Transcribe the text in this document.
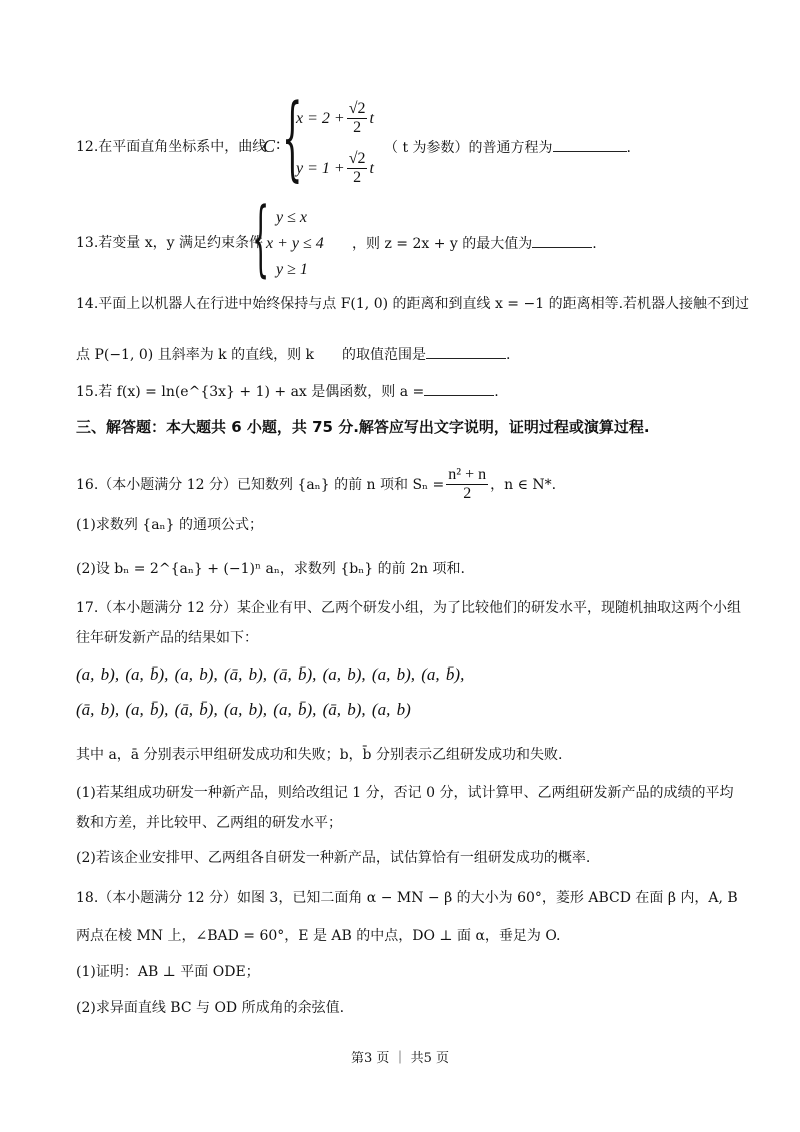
12.在平面直角坐标系中，曲线
C : {
$x = 2 + \frac{√2}{2}$ t
$y = 1 + \frac{√2}{2}$ t
（ t 为参数）的普通方程为	.
13.若变量 x，y 满足约束条件
{ y ≤ x
x + y ≤ 4
y ≥ 1
，则 z = 2x + y 的最大值为	.
14.平面上以机器人在行进中始终保持与点 F(1, 0) 的距离和到直线 x = −1 的距离相等.若机器人接触不到过
点 P(−1, 0) 且斜率为 k 的直线，则 k 的取值范围是	.
15.若 f(x) = ln(e^{3x} + 1) + ax 是偶函数，则 a =	.
三、解答题：本大题共 6 小题，共 75 分.解答应写出文字说明，证明过程或演算过程.
16.（本小题满分 12 分）已知数列 {aₙ} 的前 n 项和 $S_n = \frac{\text{n² + n}}{2}$ ，n ∈ N*.
(1)求数列 {aₙ} 的通项公式；
(2)设 bₙ = 2^{aₙ} + (−1)ⁿ aₙ，求数列 {bₙ} 的前 2n 项和.
17.（本小题满分 12 分）某企业有甲、乙两个研发小组，为了比较他们的研发水平，现随机抽取这两个小组
往年研发新产品的结果如下：
(a, b), (a, b̄), (a, b), (ā, b), (ā, b̄), (a, b), (a, b), (a, b̄),
(ā, b), (a, b̄), (ā, b̄), (a, b), (a, b̄), (ā, b), (a, b)
其中 a，ā 分别表示甲组研发成功和失败；b，b̄ 分别表示乙组研发成功和失败.
(1)若某组成功研发一种新产品，则给改组记 1 分，否记 0 分，试计算甲、乙两组研发新产品的成绩的平均
数和方差，并比较甲、乙两组的研发水平；
(2)若该企业安排甲、乙两组各自研发一种新产品，试估算恰有一组研发成功的概率.
18.（本小题满分 12 分）如图 3，已知二面角 α − MN − β 的大小为 60°，菱形 ABCD 在面 β 内，A, B
两点在棱 MN 上，∠BAD = 60°，E 是 AB 的中点，DO ⊥ 面 α，垂足为 O.
(1)证明：AB ⊥ 平面 ODE；
(2)求异面直线 BC 与 OD 所成角的余弦值.
第3 页 ｜ 共5 页
